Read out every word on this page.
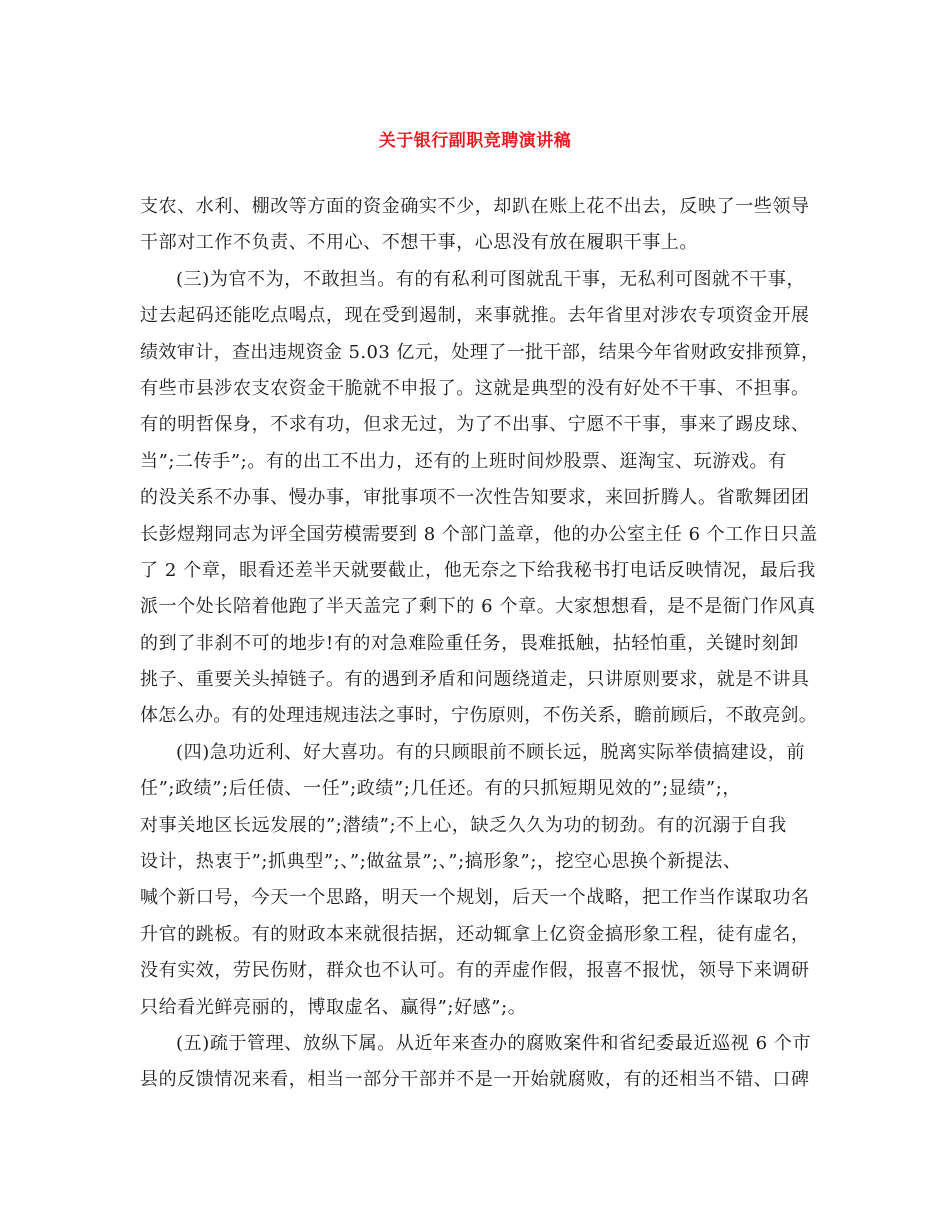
关于银行副职竞聘演讲稿
支农、水利、棚改等方面的资金确实不少，却趴在账上花不出去，反映了一些领导
干部对工作不负责、不用心、不想干事，心思没有放在履职干事上。
(三)为官不为，不敢担当。有的有私利可图就乱干事，无私利可图就不干事，
过去起码还能吃点喝点，现在受到遏制，来事就推。去年省里对涉农专项资金开展
绩效审计，查出违规资金 5.03 亿元，处理了一批干部，结果今年省财政安排预算，
有些市县涉农支农资金干脆就不申报了。这就是典型的没有好处不干事、不担事。
有的明哲保身，不求有功，但求无过，为了不出事、宁愿不干事，事来了踢皮球、
当”;二传手”;。有的出工不出力，还有的上班时间炒股票、逛淘宝、玩游戏。有
的没关系不办事、慢办事，审批事项不一次性告知要求，来回折腾人。省歌舞团团
长彭煜翔同志为评全国劳模需要到 8 个部门盖章，他的办公室主任 6 个工作日只盖
了 2 个章，眼看还差半天就要截止，他无奈之下给我秘书打电话反映情况，最后我
派一个处长陪着他跑了半天盖完了剩下的 6 个章。大家想想看，是不是衙门作风真
的到了非刹不可的地步!有的对急难险重任务，畏难抵触，拈轻怕重，关键时刻卸
挑子、重要关头掉链子。有的遇到矛盾和问题绕道走，只讲原则要求，就是不讲具
体怎么办。有的处理违规违法之事时，宁伤原则，不伤关系，瞻前顾后，不敢亮剑。
(四)急功近利、好大喜功。有的只顾眼前不顾长远，脱离实际举债搞建设，前
任”;政绩”;后任债、一任”;政绩”;几任还。有的只抓短期见效的”;显绩”;，
对事关地区长远发展的”;潜绩”;不上心，缺乏久久为功的韧劲。有的沉溺于自我
设计，热衷于”;抓典型”;、”;做盆景”;、”;搞形象”;，挖空心思换个新提法、
喊个新口号，今天一个思路，明天一个规划，后天一个战略，把工作当作谋取功名
升官的跳板。有的财政本来就很拮据，还动辄拿上亿资金搞形象工程，徒有虚名，
没有实效，劳民伤财，群众也不认可。有的弄虚作假，报喜不报忧，领导下来调研
只给看光鲜亮丽的，博取虚名、赢得”;好感”;。
(五)疏于管理、放纵下属。从近年来查办的腐败案件和省纪委最近巡视 6 个市
县的反馈情况来看，相当一部分干部并不是一开始就腐败，有的还相当不错、口碑
